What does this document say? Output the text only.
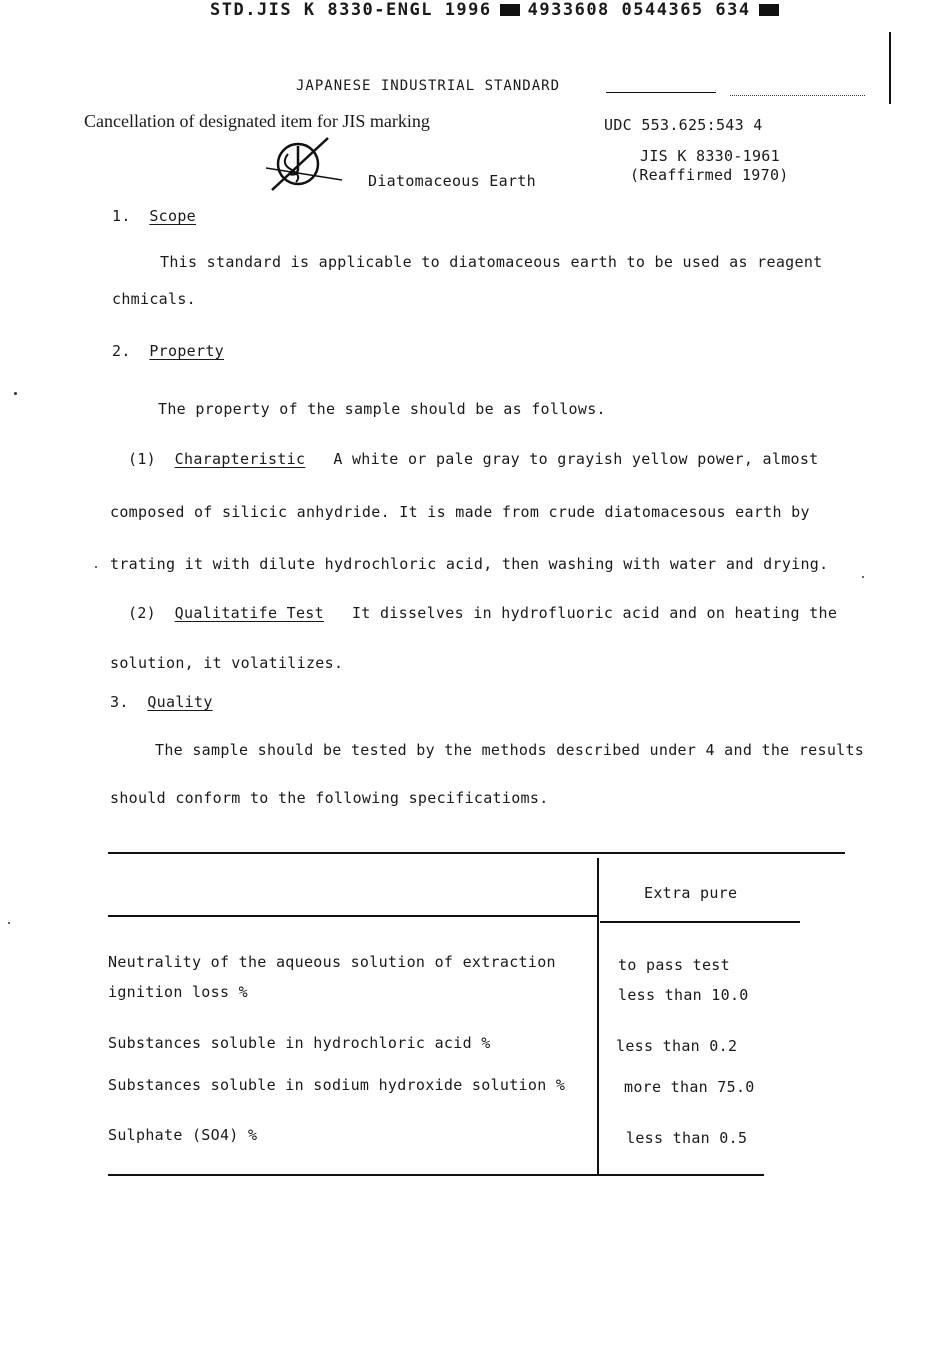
STD.JIS K 8330-ENGL 1996 4933608 0544365 634
JAPANESE INDUSTRIAL STANDARD
Cancellation of designated item for JIS marking	UDC 553.625:543 4
Diatomaceous Earth
JIS K 8330-1961
(Reaffirmed 1970)
1. Scope
This standard is applicable to diatomaceous earth to be used as reagent
chmicals.
2. Property
The property of the sample should be as follows.
(1) Charapteristic A white or pale gray to grayish yellow power, almost
composed of silicic anhydride. It is made from crude diatomacesous earth by
trating it with dilute hydrochloric acid, then washing with water and drying.
(2) Qualitatife Test It disselves in hydrofluoric acid and on heating the
solution, it volatilizes.
3. Quality
The sample should be tested by the methods described under 4 and the results
should conform to the following specificatioms.
Extra pure
Neutrality of the aqueous solution of extraction	to pass test
ignition loss %	less than 10.0
Substances soluble in hydrochloric acid %	less than 0.2
Substances soluble in sodium hydroxide solution %	more than 75.0
Sulphate (SO4) %	less than 0.5
